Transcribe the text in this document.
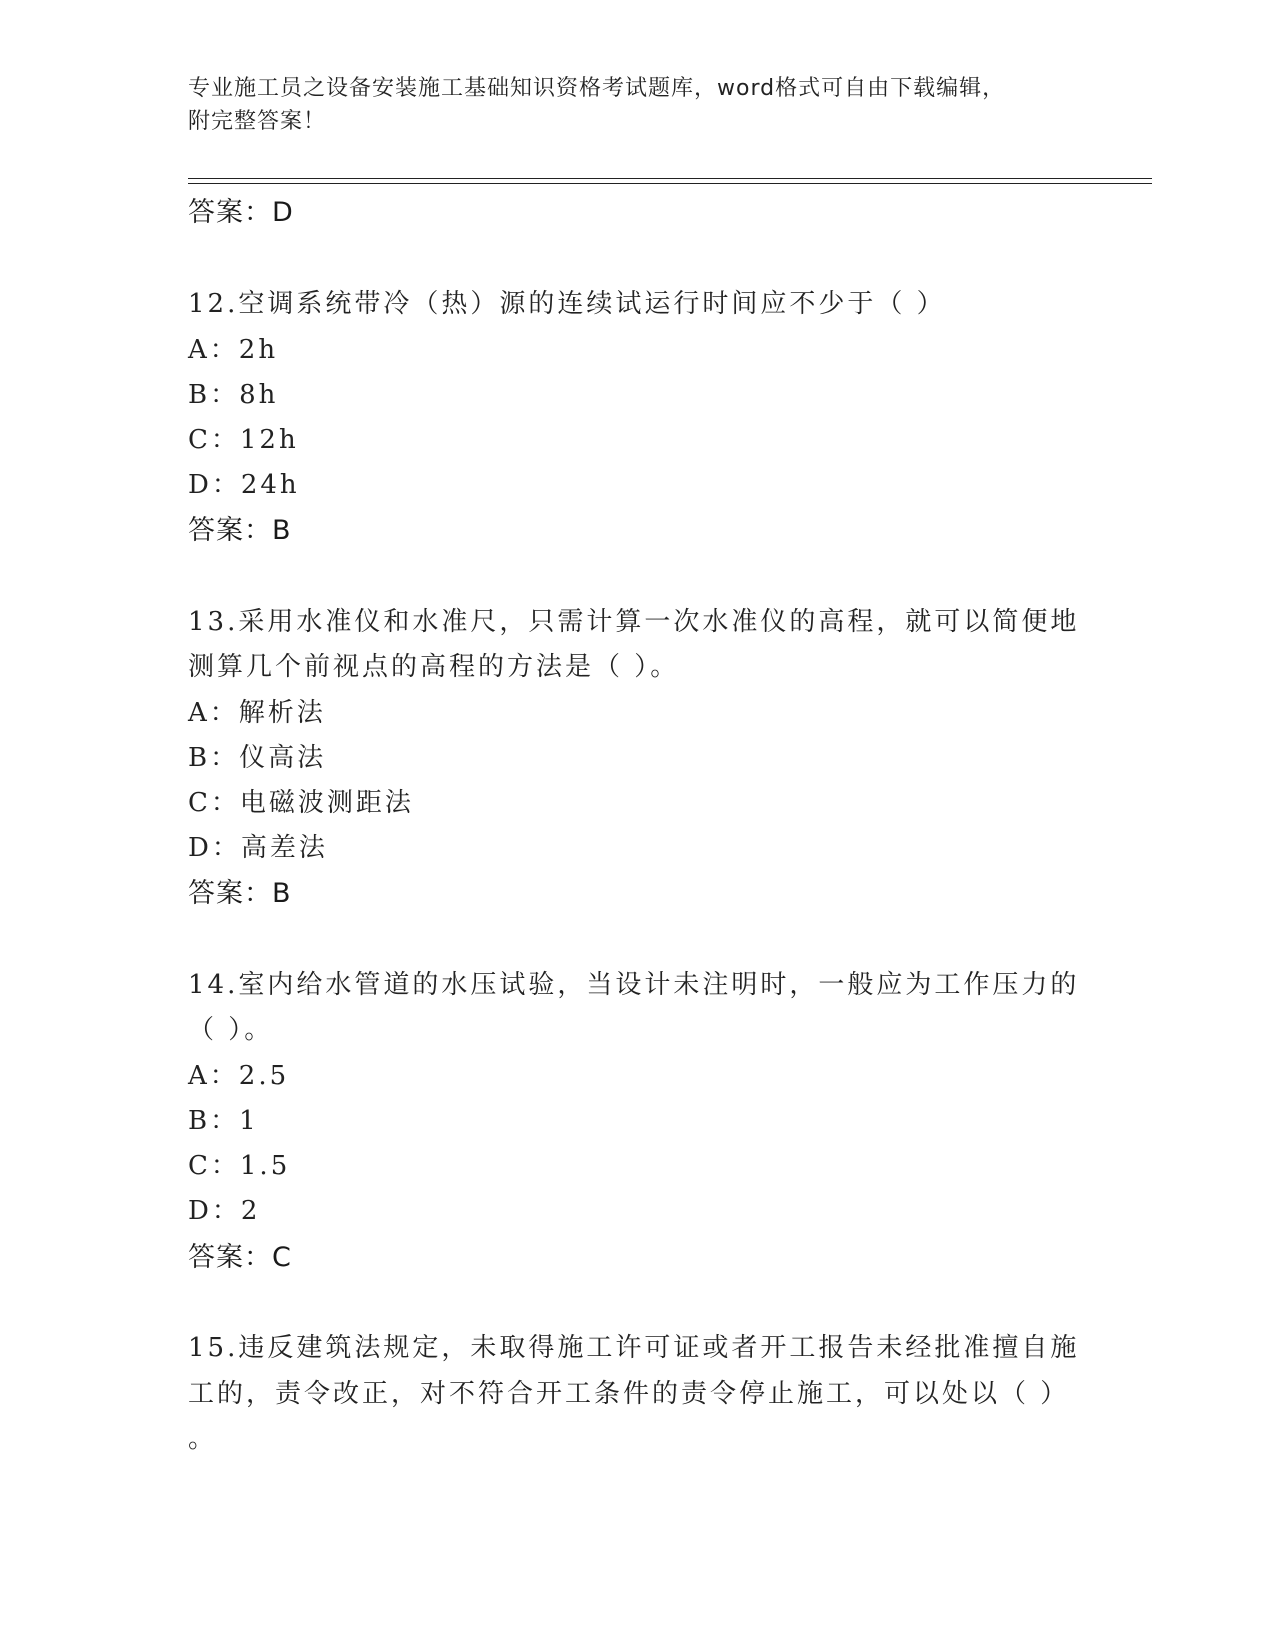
专业施工员之设备安装施工基础知识资格考试题库，word格式可自由下载编辑，
附完整答案！
答案：D
12.空调系统带冷（热）源的连续试运行时间应不少于（ ）
A：2h
B：8h
C：12h
D：24h
答案：B
13.采用水准仪和水准尺，只需计算一次水准仪的高程，就可以简便地
测算几个前视点的高程的方法是（ ）。
A：解析法
B：仪高法
C：电磁波测距法
D：高差法
答案：B
14.室内给水管道的水压试验，当设计未注明时，一般应为工作压力的
（ ）。
A：2.5
B：1
C：1.5
D：2
答案：C
15.违反建筑法规定，未取得施工许可证或者开工报告未经批准擅自施
工的，责令改正，对不符合开工条件的责令停止施工，可以处以（ ）
。
